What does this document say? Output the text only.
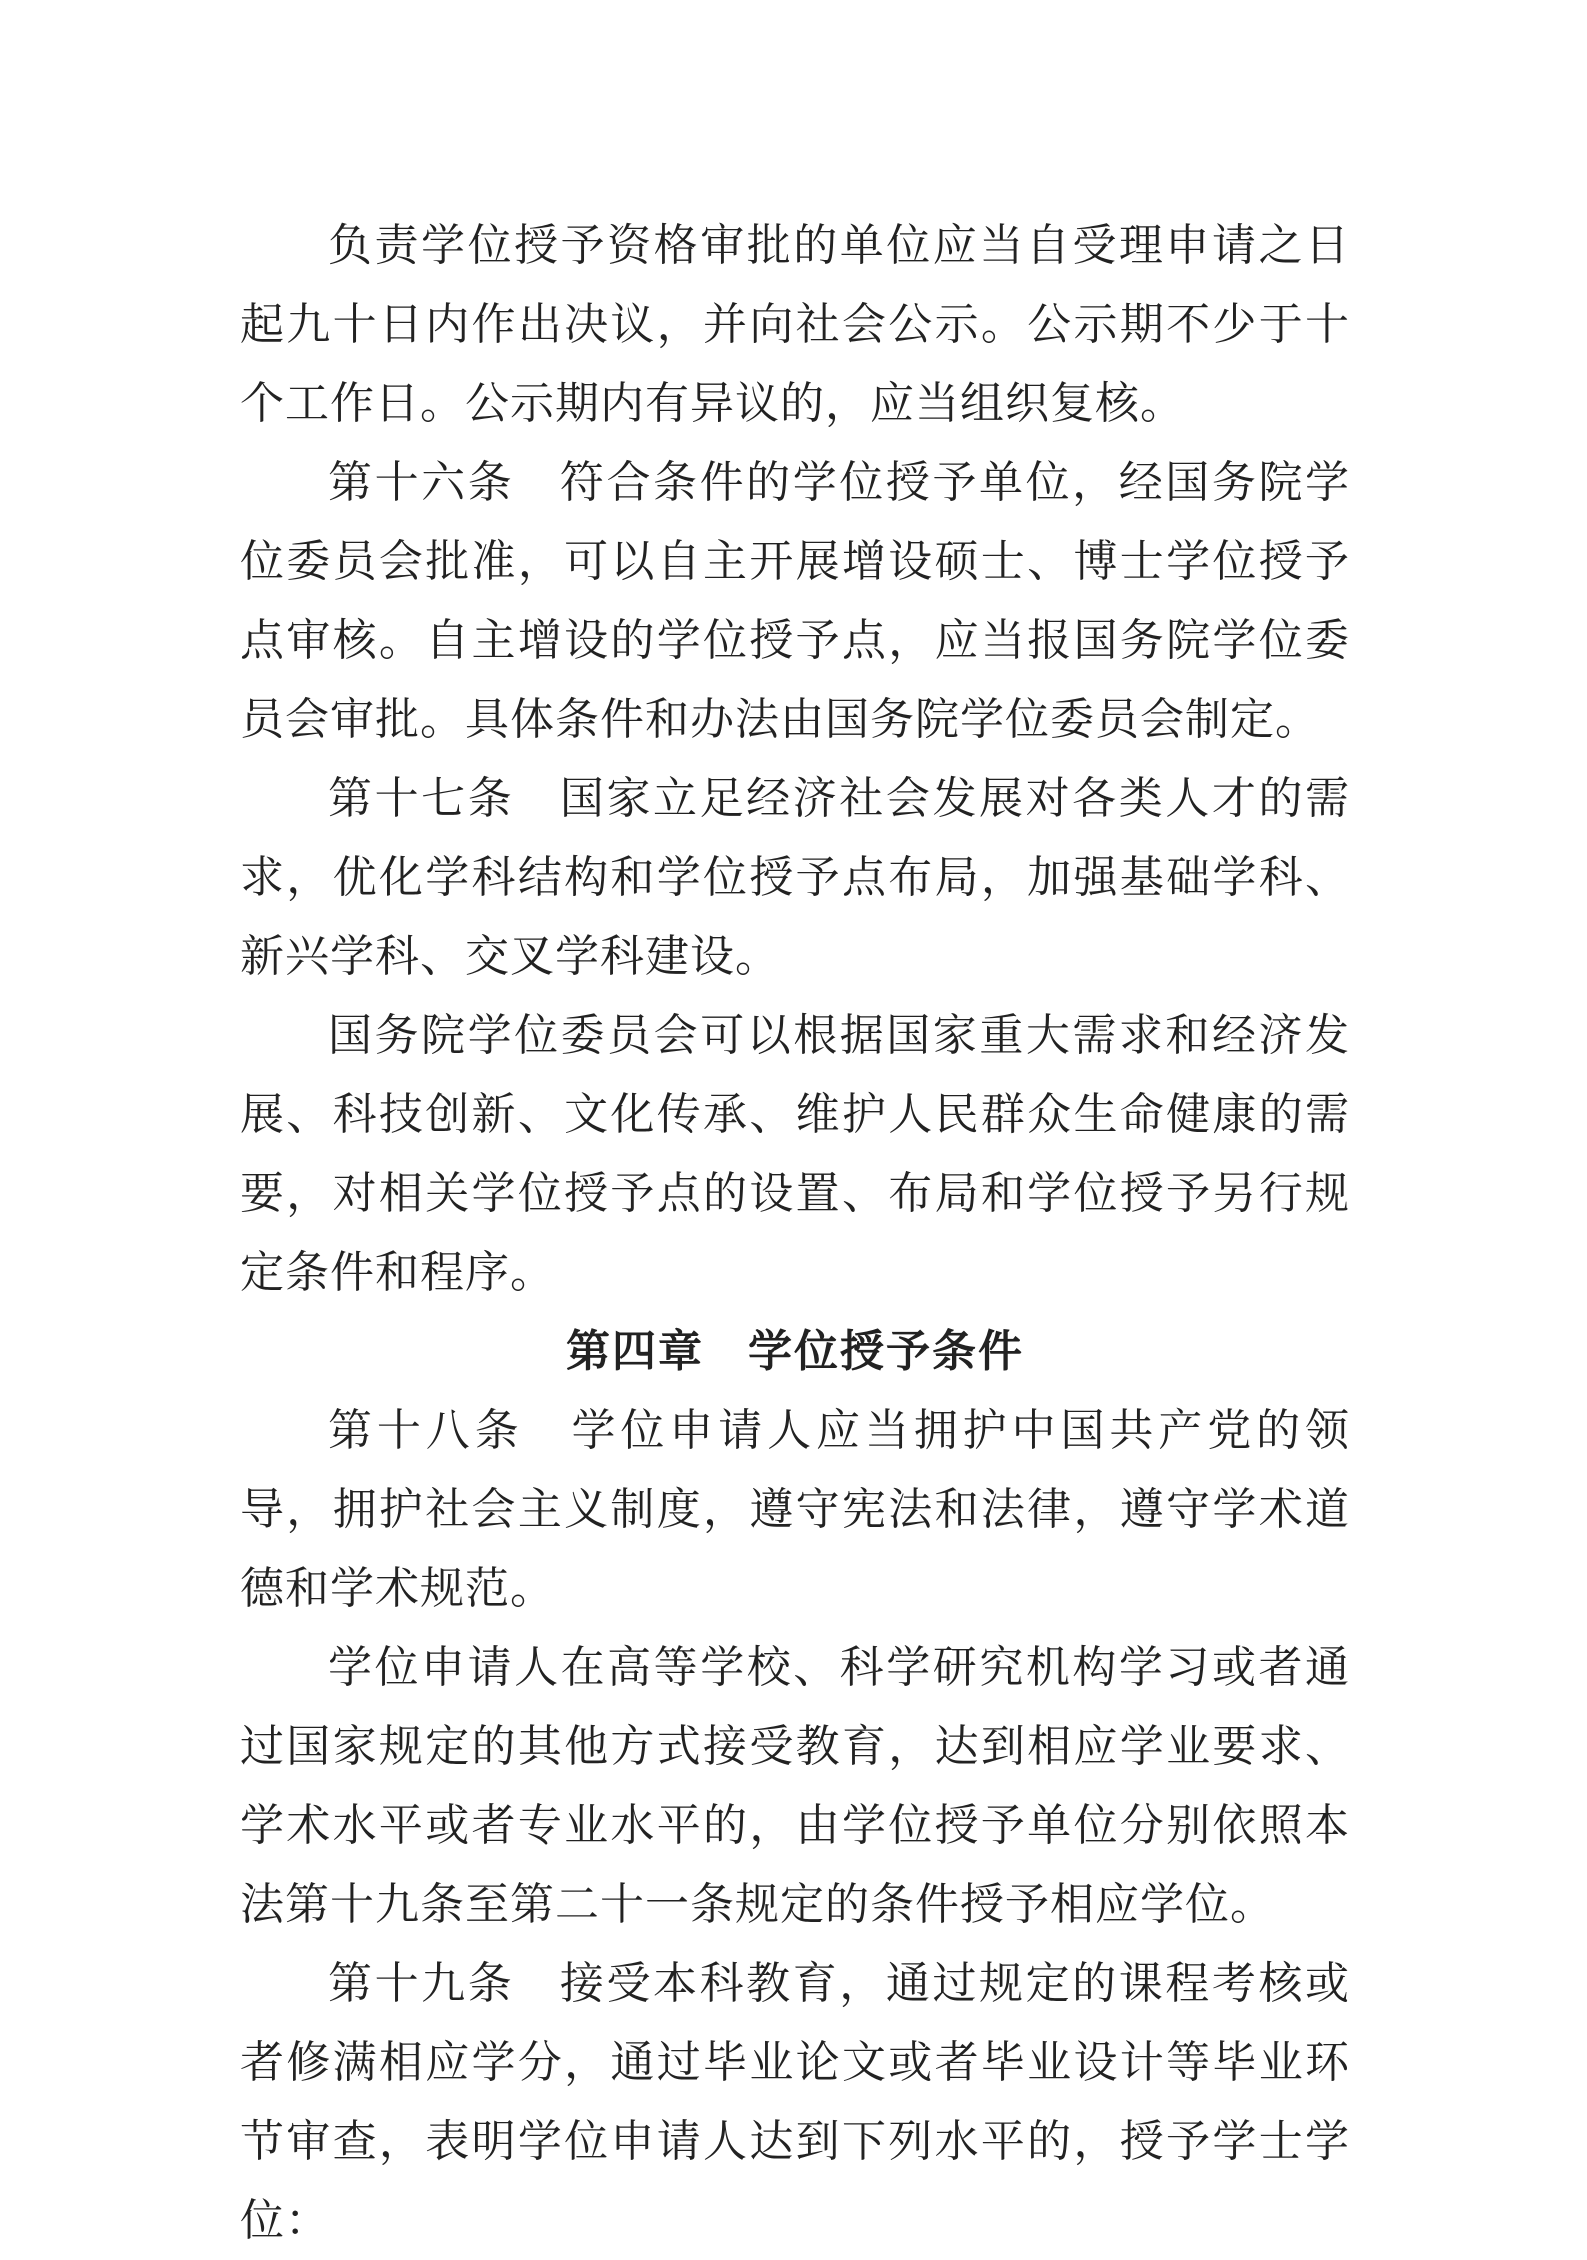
负责学位授予资格审批的单位应当自受理申请之日起九十日内作出决议，并向社会公示。公示期不少于十个工作日。公示期内有异议的，应当组织复核。

第十六条 符合条件的学位授予单位，经国务院学位委员会批准，可以自主开展增设硕士、博士学位授予点审核。自主增设的学位授予点，应当报国务院学位委员会审批。具体条件和办法由国务院学位委员会制定。

第十七条 国家立足经济社会发展对各类人才的需求，优化学科结构和学位授予点布局，加强基础学科、新兴学科、交叉学科建设。

国务院学位委员会可以根据国家重大需求和经济发展、科技创新、文化传承、维护人民群众生命健康的需要，对相关学位授予点的设置、布局和学位授予另行规定条件和程序。

第四章 学位授予条件

第十八条 学位申请人应当拥护中国共产党的领导，拥护社会主义制度，遵守宪法和法律，遵守学术道德和学术规范。

学位申请人在高等学校、科学研究机构学习或者通过国家规定的其他方式接受教育，达到相应学业要求、学术水平或者专业水平的，由学位授予单位分别依照本法第十九条至第二十一条规定的条件授予相应学位。

第十九条 接受本科教育，通过规定的课程考核或者修满相应学分，通过毕业论文或者毕业设计等毕业环节审查，表明学位申请人达到下列水平的，授予学士学位：
